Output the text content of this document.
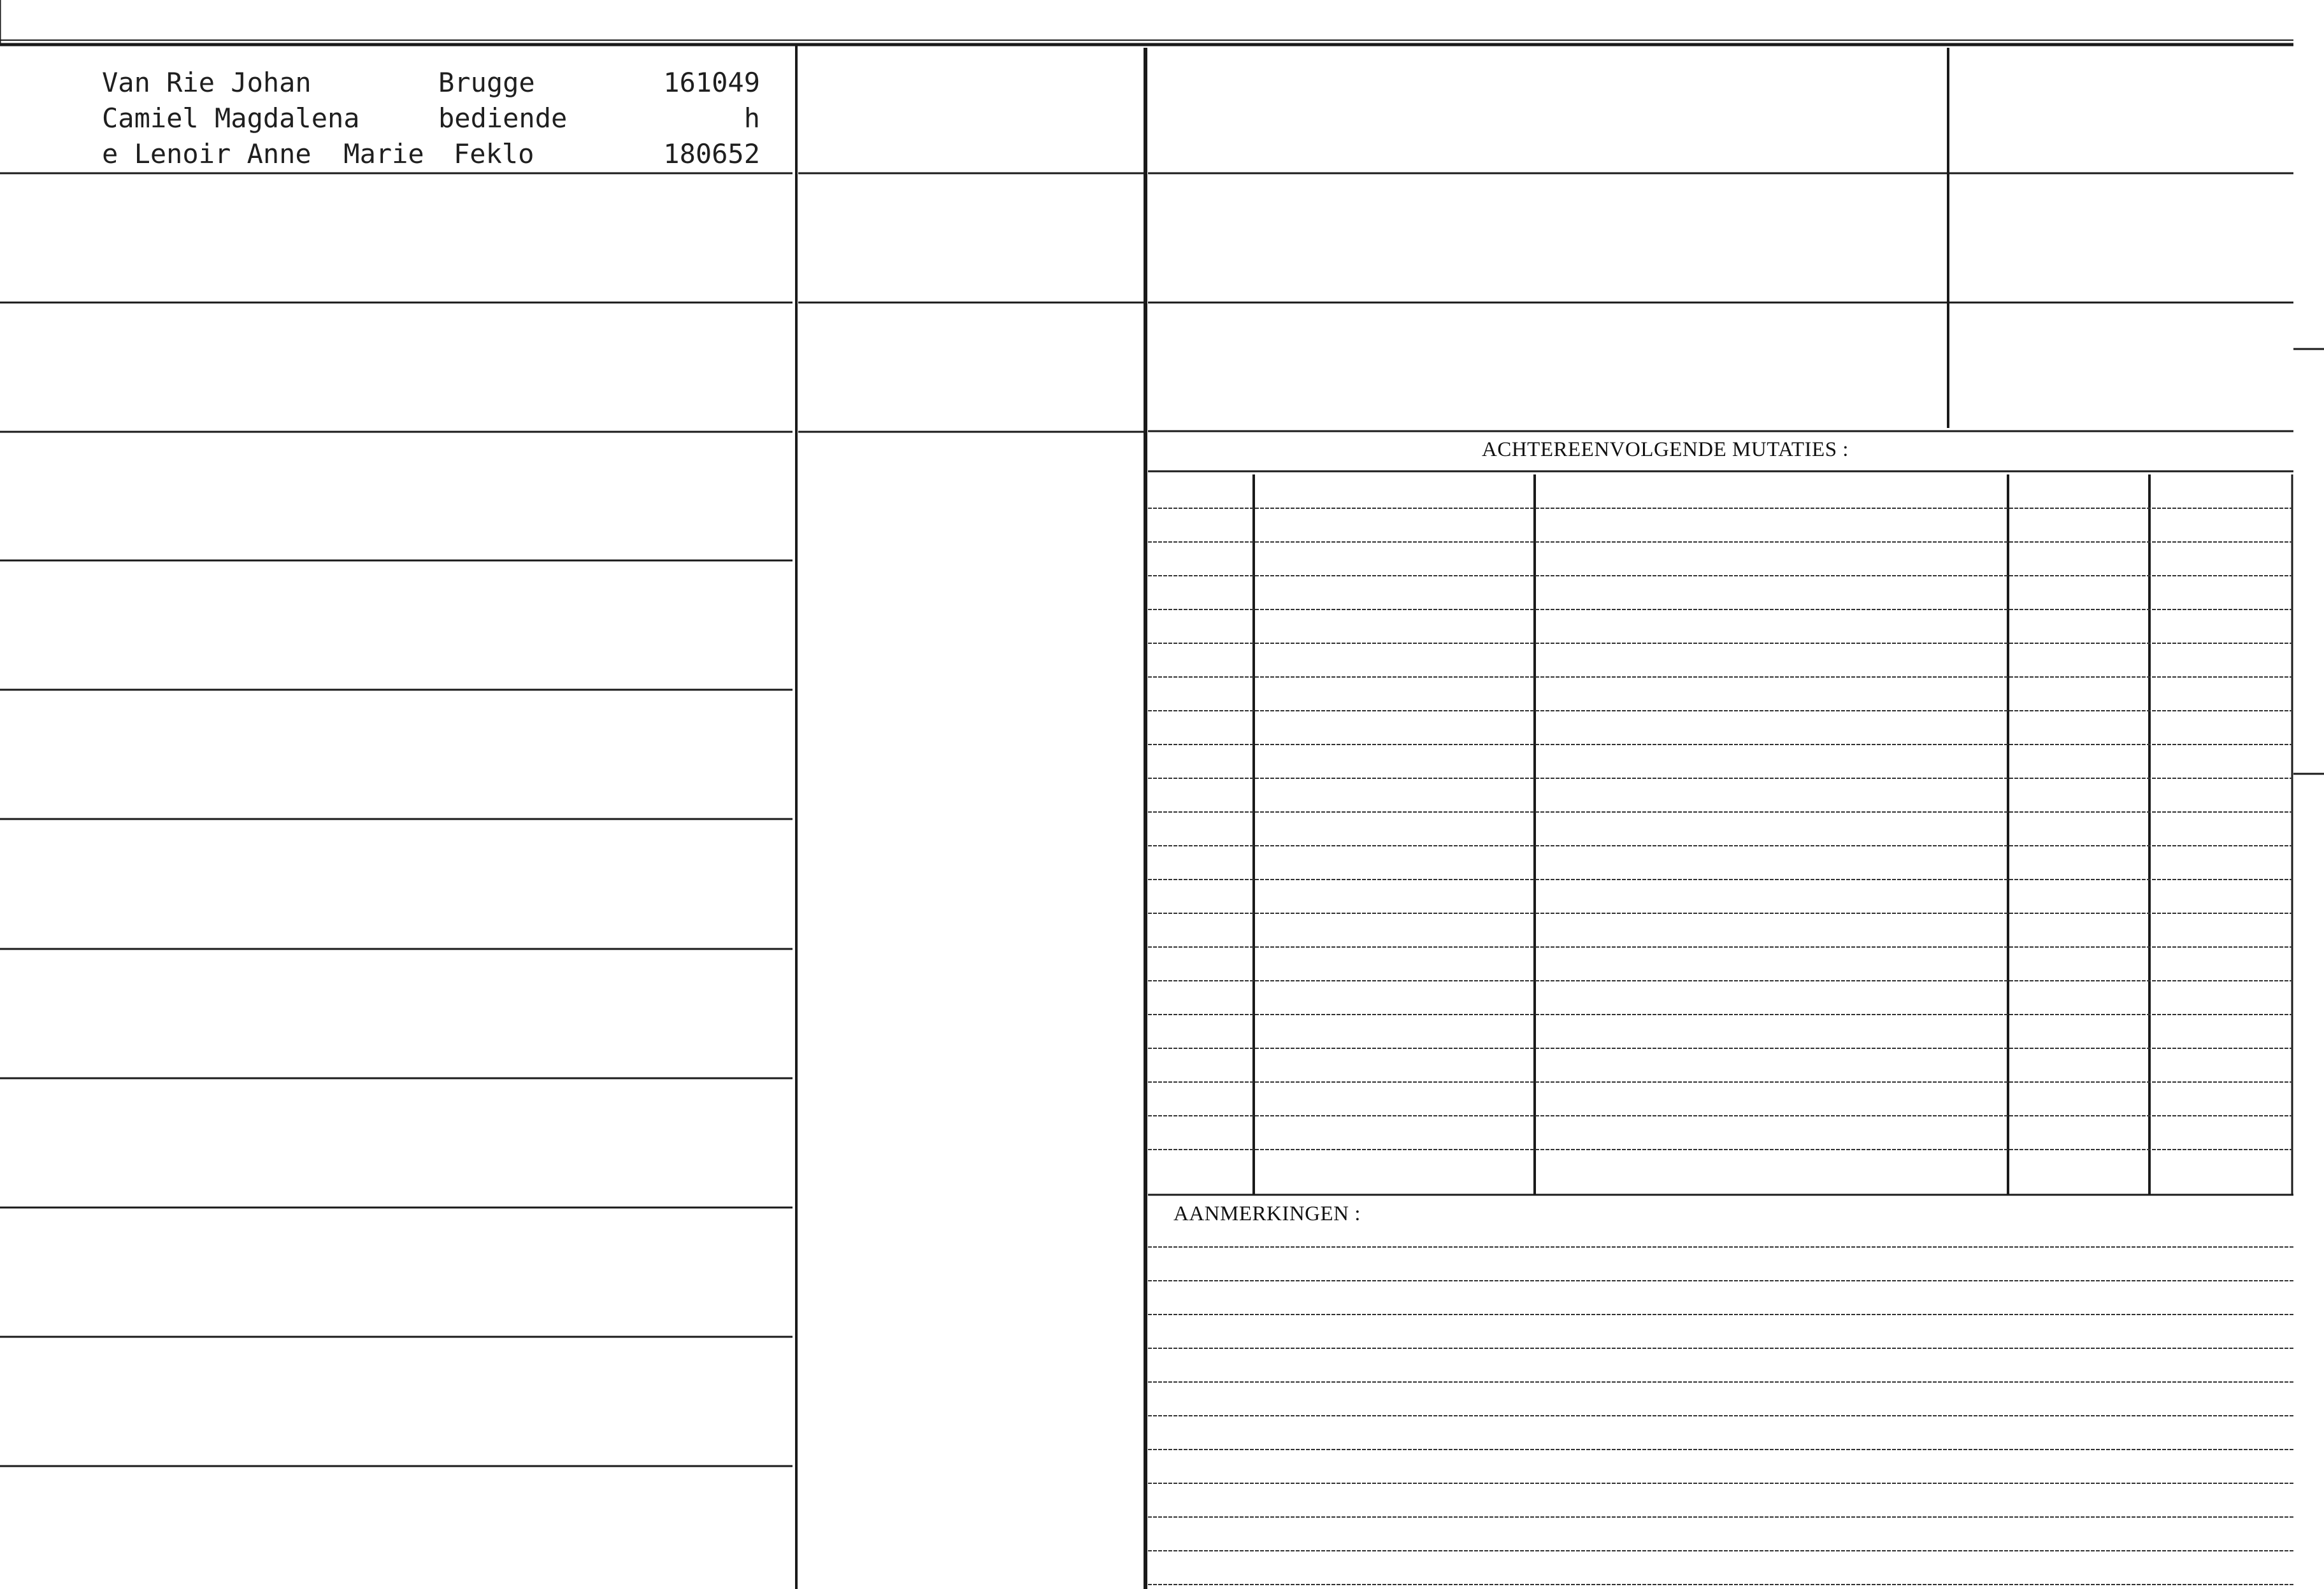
Van Rie Johan
Camiel Magdalena
e Lenoir Anne  Marie
Brugge
bediende
Feklo
161049
h
180652
ACHTEREENVOLGENDE MUTATIES :
AANMERKINGEN :
